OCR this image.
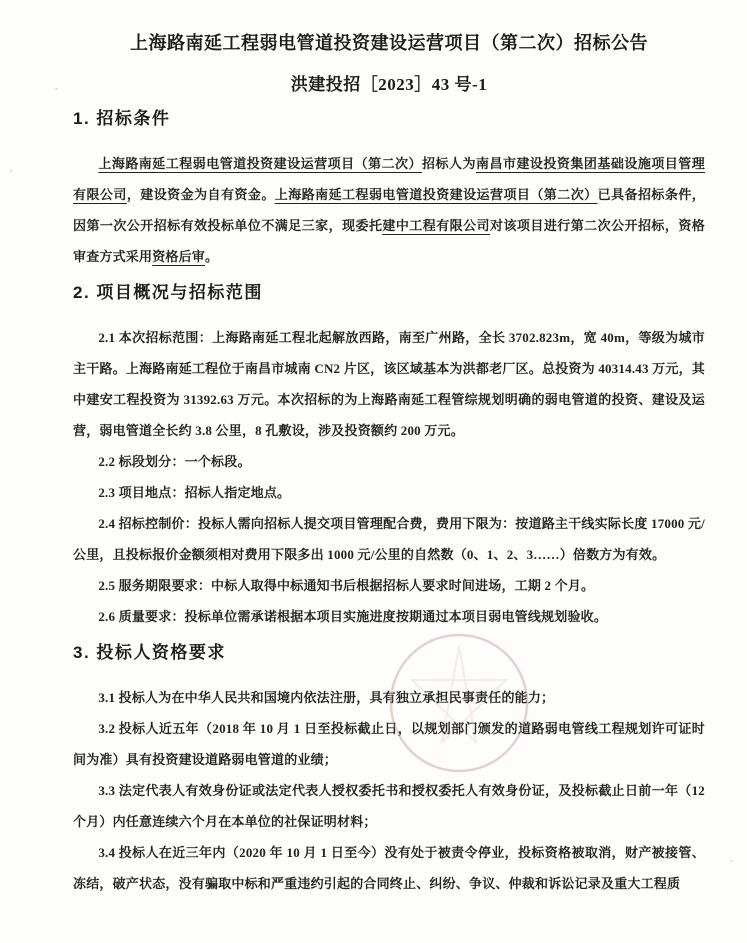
上海路南延工程弱电管道投资建设运营项目（第二次）招标公告
洪建投招［2023］43 号-1
1. 招标条件

上海路南延工程弱电管道投资建设运营项目（第二次）招标人为南昌市建设投资集团基础设施项目管理有限公司，建设资金为自有资金。上海路南延工程弱电管道投资建设运营项目（第二次）已具备招标条件，因第一次公开招标有效投标单位不满足三家，现委托建中工程有限公司对该项目进行第二次公开招标，资格审查方式采用资格后审。

2. 项目概况与招标范围

2.1 本次招标范围：上海路南延工程北起解放西路，南至广州路，全长 3702.823m，宽 40m，等级为城市主干路。上海路南延工程位于南昌市城南 CN2 片区，该区域基本为洪都老厂区。总投资为 40314.43 万元，其中建安工程投资为 31392.63 万元。本次招标的为上海路南延工程管综规划明确的弱电管道的投资、建设及运营，弱电管道全长约 3.8 公里，8 孔敷设，涉及投资额约 200 万元。

2.2 标段划分：一个标段。

2.3 项目地点：招标人指定地点。

2.4 招标控制价：投标人需向招标人提交项目管理配合费，费用下限为：按道路主干线实际长度 17000 元/公里，且投标报价金额须相对费用下限多出 1000 元/公里的自然数（0、1、2、3……）倍数方为有效。

2.5 服务期限要求：中标人取得中标通知书后根据招标人要求时间进场，工期 2 个月。

2.6 质量要求：投标单位需承诺根据本项目实施进度按期通过本项目弱电管线规划验收。

3. 投标人资格要求

3.1 投标人为在中华人民共和国境内依法注册，具有独立承担民事责任的能力；

3.2 投标人近五年（2018 年 10 月 1 日至投标截止日，以规划部门颁发的道路弱电管线工程规划许可证时间为准）具有投资建设道路弱电管道的业绩；

3.3 法定代表人有效身份证或法定代表人授权委托书和授权委托人有效身份证，及投标截止日前一年（12 个月）内任意连续六个月在本单位的社保证明材料；

3.4 投标人在近三年内（2020 年 10 月 1 日至今）没有处于被责令停业，投标资格被取消，财产被接管、冻结，破产状态，没有骗取中标和严重违约引起的合同终止、纠纷、争议、仲裁和诉讼记录及重大工程质
